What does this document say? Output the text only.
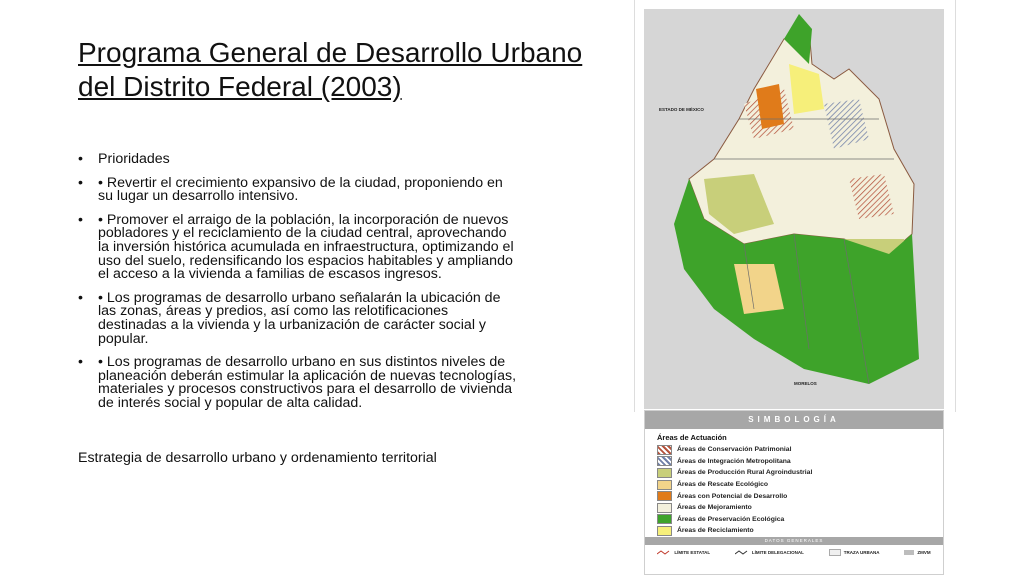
Programa General de Desarrollo Urbano del Distrito Federal (2003)
• Prioridades
• • Revertir el crecimiento expansivo de la ciudad, proponiendo en su lugar un desarrollo intensivo.
• • Promover el arraigo de la población, la incorporación de nuevos pobladores y el reciclamiento de la ciudad central, aprovechando la inversión histórica acumulada en infraestructura, optimizando el uso del suelo, redensificando los espacios habitables y ampliando el acceso a la vivienda a familias de escasos ingresos.
• • Los programas de desarrollo urbano señalarán la ubicación de las zonas, áreas y predios, así como las relotificaciones destinadas a la vivienda y la urbanización de carácter social y popular.
• • Los programas de desarrollo urbano en sus distintos niveles de planeación deberán estimular la aplicación de nuevas tecnologías, materiales y procesos constructivos para el desarrollo de vivienda de interés social y popular de alta calidad.
Estrategia de desarrollo urbano y ordenamiento territorial
ESTADO DE MÉXICO
MORELOS
SIMBOLOGÍA
Áreas de Actuación
Áreas de Conservación Patrimonial
Áreas de Integración Metropolitana
Áreas de Producción Rural Agroindustrial
Áreas de Rescate Ecológico
Áreas con Potencial de Desarrollo
Áreas de Mejoramiento
Áreas de Preservación Ecológica
Áreas de Reciclamiento
DATOS GENERALES
LÍMITE ESTATAL	LÍMITE DELEGACIONAL	TRAZA URBANA	ZMVM
